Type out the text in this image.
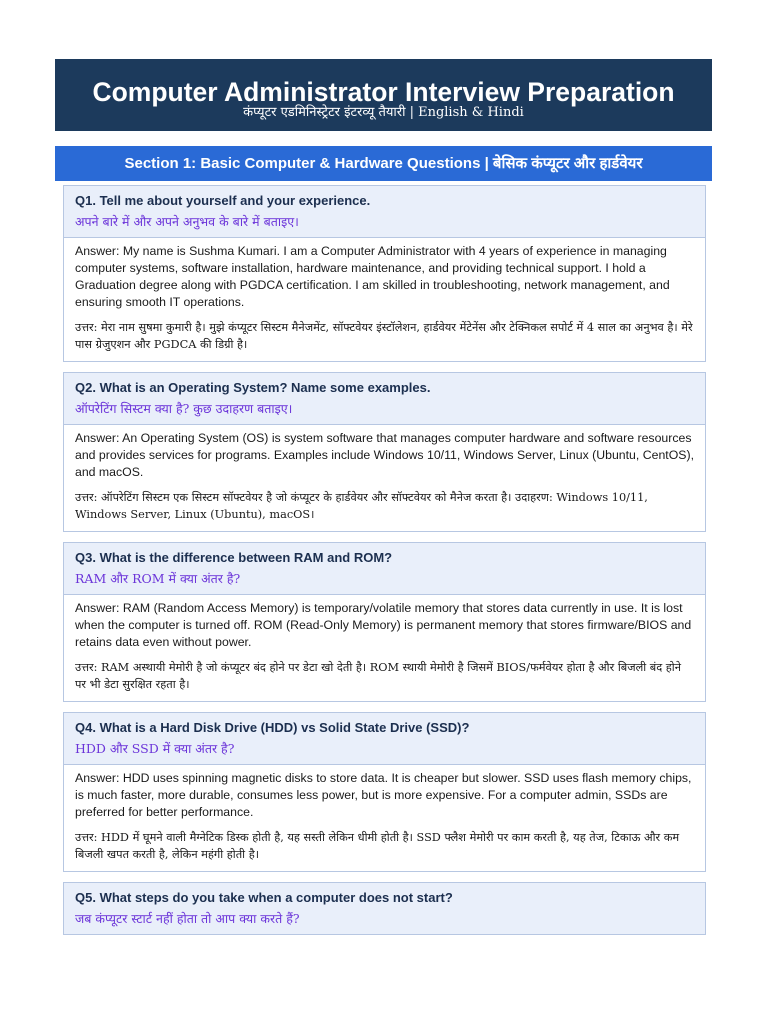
Computer Administrator Interview Preparation
कंप्यूटर एडमिनिस्ट्रेटर इंटरव्यू तैयारी | English & Hindi
Section 1: Basic Computer & Hardware Questions | बेसिक कंप्यूटर और हार्डवेयर
Q1. Tell me about yourself and your experience.
अपने बारे में और अपने अनुभव के बारे में बताइए।
Answer: My name is Sushma Kumari. I am a Computer Administrator with 4 years of experience in managing computer systems, software installation, hardware maintenance, and providing technical support. I hold a Graduation degree along with PGDCA certification. I am skilled in troubleshooting, network management, and ensuring smooth IT operations.
उत्तर: मेरा नाम सुषमा कुमारी है। मुझे कंप्यूटर सिस्टम मैनेजमेंट, सॉफ्टवेयर इंस्टॉलेशन, हार्डवेयर मेंटेनेंस और टेक्निकल सपोर्ट में 4 साल का अनुभव है। मेरे पास ग्रेजुएशन और PGDCA की डिग्री है।
Q2. What is an Operating System? Name some examples.
ऑपरेटिंग सिस्टम क्या है? कुछ उदाहरण बताइए।
Answer: An Operating System (OS) is system software that manages computer hardware and software resources and provides services for programs. Examples include Windows 10/11, Windows Server, Linux (Ubuntu, CentOS), and macOS.
उत्तर: ऑपरेटिंग सिस्टम एक सिस्टम सॉफ्टवेयर है जो कंप्यूटर के हार्डवेयर और सॉफ्टवेयर को मैनेज करता है। उदाहरण: Windows 10/11, Windows Server, Linux (Ubuntu), macOS।
Q3. What is the difference between RAM and ROM?
RAM और ROM में क्या अंतर है?
Answer: RAM (Random Access Memory) is temporary/volatile memory that stores data currently in use. It is lost when the computer is turned off. ROM (Read-Only Memory) is permanent memory that stores firmware/BIOS and retains data even without power.
उत्तर: RAM अस्थायी मेमोरी है जो कंप्यूटर बंद होने पर डेटा खो देती है। ROM स्थायी मेमोरी है जिसमें BIOS/फर्मवेयर होता है और बिजली बंद होने पर भी डेटा सुरक्षित रहता है।
Q4. What is a Hard Disk Drive (HDD) vs Solid State Drive (SSD)?
HDD और SSD में क्या अंतर है?
Answer: HDD uses spinning magnetic disks to store data. It is cheaper but slower. SSD uses flash memory chips, is much faster, more durable, consumes less power, but is more expensive. For a computer admin, SSDs are preferred for better performance.
उत्तर: HDD में घूमने वाली मैग्नेटिक डिस्क होती है, यह सस्ती लेकिन धीमी होती है। SSD फ्लैश मेमोरी पर काम करती है, यह तेज, टिकाऊ और कम बिजली खपत करती है, लेकिन महंगी होती है।
Q5. What steps do you take when a computer does not start?
जब कंप्यूटर स्टार्ट नहीं होता तो आप क्या करते हैं?
